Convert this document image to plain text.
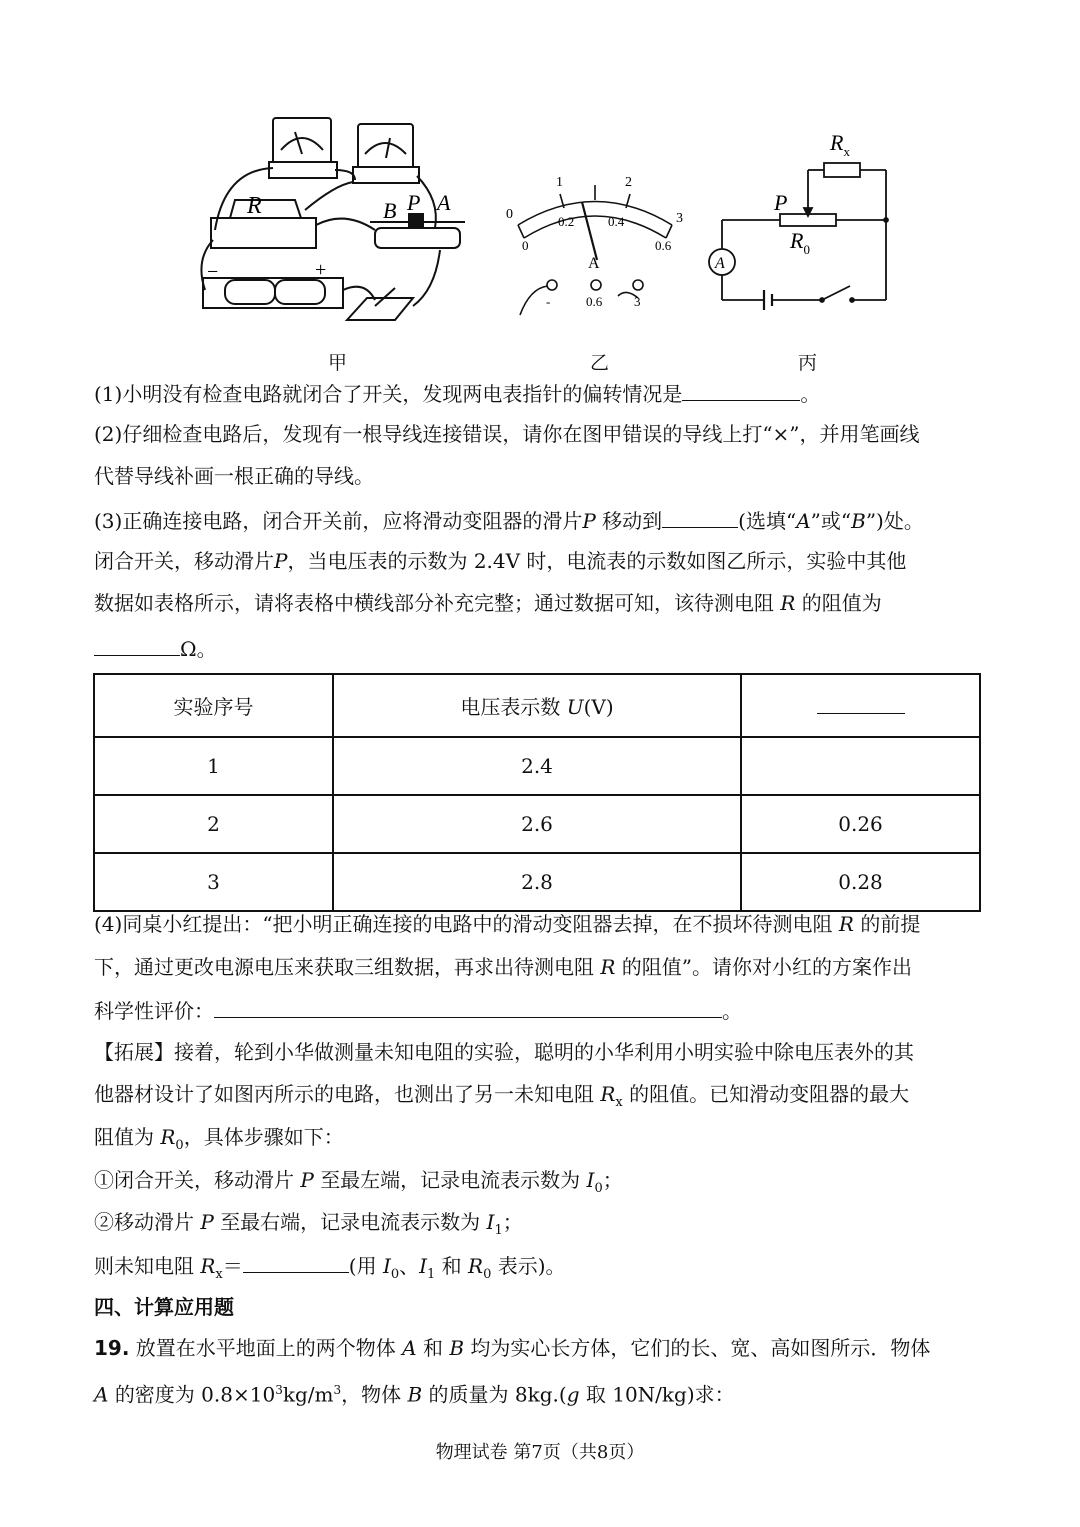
R	B P A
−	+
甲
0
1	2
3
0
0.2	0.4
0.6
A
-	0.6 3
乙
$R_x$
P
$R_0$
A
丙
(1)小明没有检查电路就闭合了开关，发现两电表指针的偏转情况是	。
(2)仔细检查电路后，发现有一根导线连接错误，请你在图甲错误的导线上打“×”，并用笔画线
代替导线补画一根正确的导线。
(3)正确连接电路，闭合开关前，应将滑动变阻器的滑片P 移动到	(选填“A”或“B”)处。
闭合开关，移动滑片P，当电压表的示数为 2.4V 时，电流表的示数如图乙所示，实验中其他
数据如表格所示，请将表格中横线部分补充完整；通过数据可知，该待测电阻 R 的阻值为
Ω。
实验序号	电压表示数 U(V)	
1	2.4	
2	2.6	0.26
3	2.8	0.28
(4)同桌小红提出：“把小明正确连接的电路中的滑动变阻器去掉，在不损坏待测电阻 R 的前提
下，通过更改电源电压来获取三组数据，再求出待测电阻 R 的阻值”。请你对小红的方案作出
科学性评价：	。
【拓展】接着，轮到小华做测量未知电阻的实验，聪明的小华利用小明实验中除电压表外的其
他器材设计了如图丙所示的电路，也测出了另一未知电阻 $R_x$ 的阻值。已知滑动变阻器的最大
阻值为 $R_0$，具体步骤如下：
①闭合开关，移动滑片 P 至最左端，记录电流表示数为 $I_0$；
②移动滑片 P 至最右端，记录电流表示数为 $I_1$；
则未知电阻 $R_x=$	(用 $I_0$、$I_1$ 和 $R_0$ 表示)。
四、计算应用题
19. 放置在水平地面上的两个物体 A 和 B 均为实心长方体，它们的长、宽、高如图所示．物体
A 的密度为 $0.8\times 10^3kg/m^3$，物体 B 的质量为 8kg.(g 取 10N/kg)求：
物理试卷 第7页（共8页）
